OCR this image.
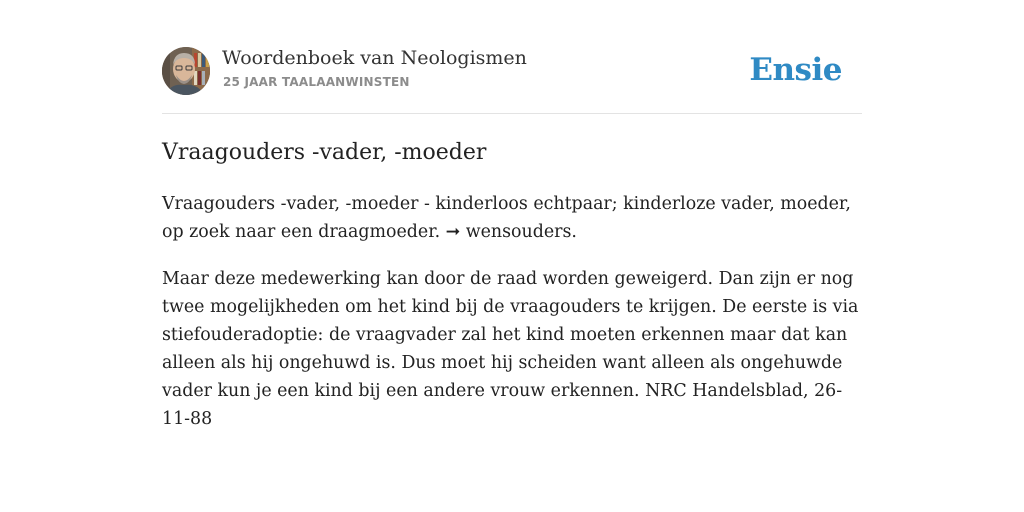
Woordenboek van Neologismen
25 JAAR TAALAANWINSTEN	Ensie
Vraagouders -vader, -moeder

Vraagouders -vader, -moeder - kinderloos echtpaar; kinderloze vader, moeder, op zoek naar een draagmoeder. ➞ wensouders.

Maar deze medewerking kan door de raad worden geweigerd. Dan zijn er nog twee mogelijkheden om het kind bij de vraagouders te krijgen. De eerste is via stiefouderadoptie: de vraagvader zal het kind moeten erkennen maar dat kan alleen als hij ongehuwd is. Dus moet hij scheiden want alleen als ongehuwde vader kun je een kind bij een andere vrouw erkennen. NRC Handelsblad, 26-11-88
